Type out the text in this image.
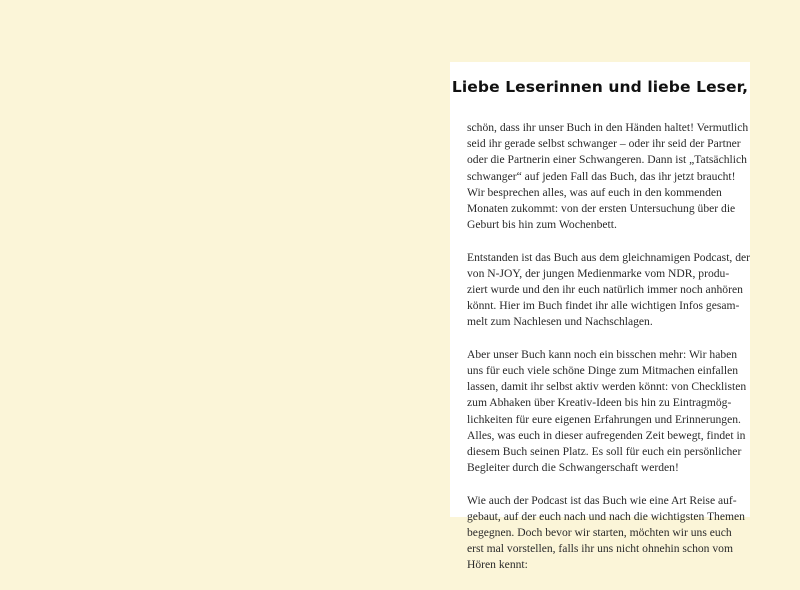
Liebe Leserinnen und liebe Leser,

schön, dass ihr unser Buch in den Händen haltet! Vermutlich
seid ihr gerade selbst schwanger – oder ihr seid der Partner
oder die Partnerin einer Schwangeren. Dann ist „Tatsächlich
schwanger“ auf jeden Fall das Buch, das ihr jetzt braucht!
Wir besprechen alles, was auf euch in den kommenden
Monaten zukommt: von der ersten Untersuchung über die
Geburt bis hin zum Wochenbett.

Entstanden ist das Buch aus dem gleichnamigen Podcast, der
von N-JOY, der jungen Medienmarke vom NDR, produ-
ziert wurde und den ihr euch natürlich immer noch anhören
könnt. Hier im Buch findet ihr alle wichtigen Infos gesam-
melt zum Nachlesen und Nachschlagen.

Aber unser Buch kann noch ein bisschen mehr: Wir haben
uns für euch viele schöne Dinge zum Mitmachen einfallen
lassen, damit ihr selbst aktiv werden könnt: von Checklisten
zum Abhaken über Kreativ-Ideen bis hin zu Eintragmög-
lichkeiten für eure eigenen Erfahrungen und Erinnerungen.
Alles, was euch in dieser aufregenden Zeit bewegt, findet in
diesem Buch seinen Platz. Es soll für euch ein persönlicher
Begleiter durch die Schwangerschaft werden!

Wie auch der Podcast ist das Buch wie eine Art Reise auf-
gebaut, auf der euch nach und nach die wichtigsten Themen
begegnen. Doch bevor wir starten, möchten wir uns euch
erst mal vorstellen, falls ihr uns nicht ohnehin schon vom
Hören kennt:
